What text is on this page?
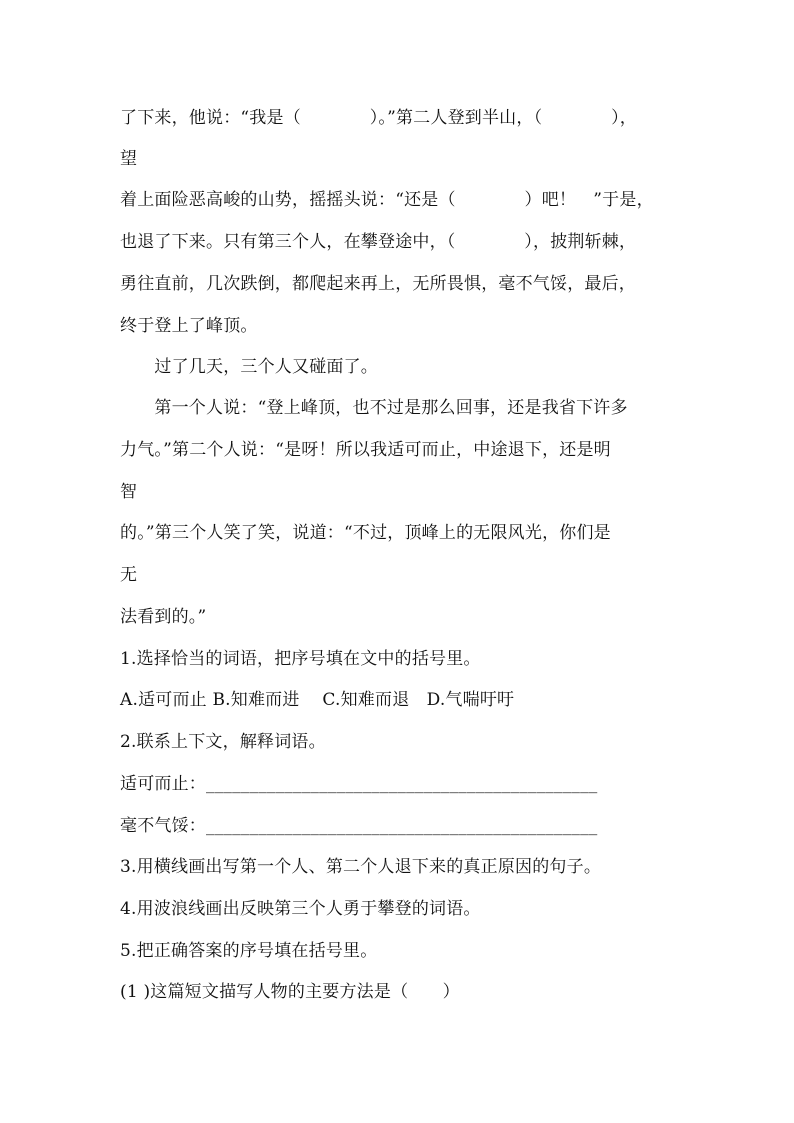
了下来，他说：“我是（　　　　）。”第二人登到半山，（　　　　），
望
着上面险恶高峻的山势，摇摇头说：“还是（　　　　）吧！　”于是，
也退了下来。只有第三个人，在攀登途中，（　　　　），披荆斩棘，
勇往直前，几次跌倒，都爬起来再上，无所畏惧，毫不气馁，最后，
终于登上了峰顶。
　　过了几天，三个人又碰面了。
　　第一个人说：“登上峰顶，也不过是那么回事，还是我省下许多
力气。”第二个人说：“是呀！所以我适可而止，中途退下，还是明
智
的。”第三个人笑了笑，说道：“不过，顶峰上的无限风光，你们是
无
法看到的。”
1.选择恰当的词语，把序号填在文中的括号里。
A.适可而止 B.知难而进　 C.知难而退　D.气喘吁吁
2.联系上下文，解释词语。
适可而止：_____________________________________________
毫不气馁：_____________________________________________
3.用横线画出写第一个人、第二个人退下来的真正原因的句子。
4.用波浪线画出反映第三个人勇于攀登的词语。
5.把正确答案的序号填在括号里。
(1 )这篇短文描写人物的主要方法是（　　）
